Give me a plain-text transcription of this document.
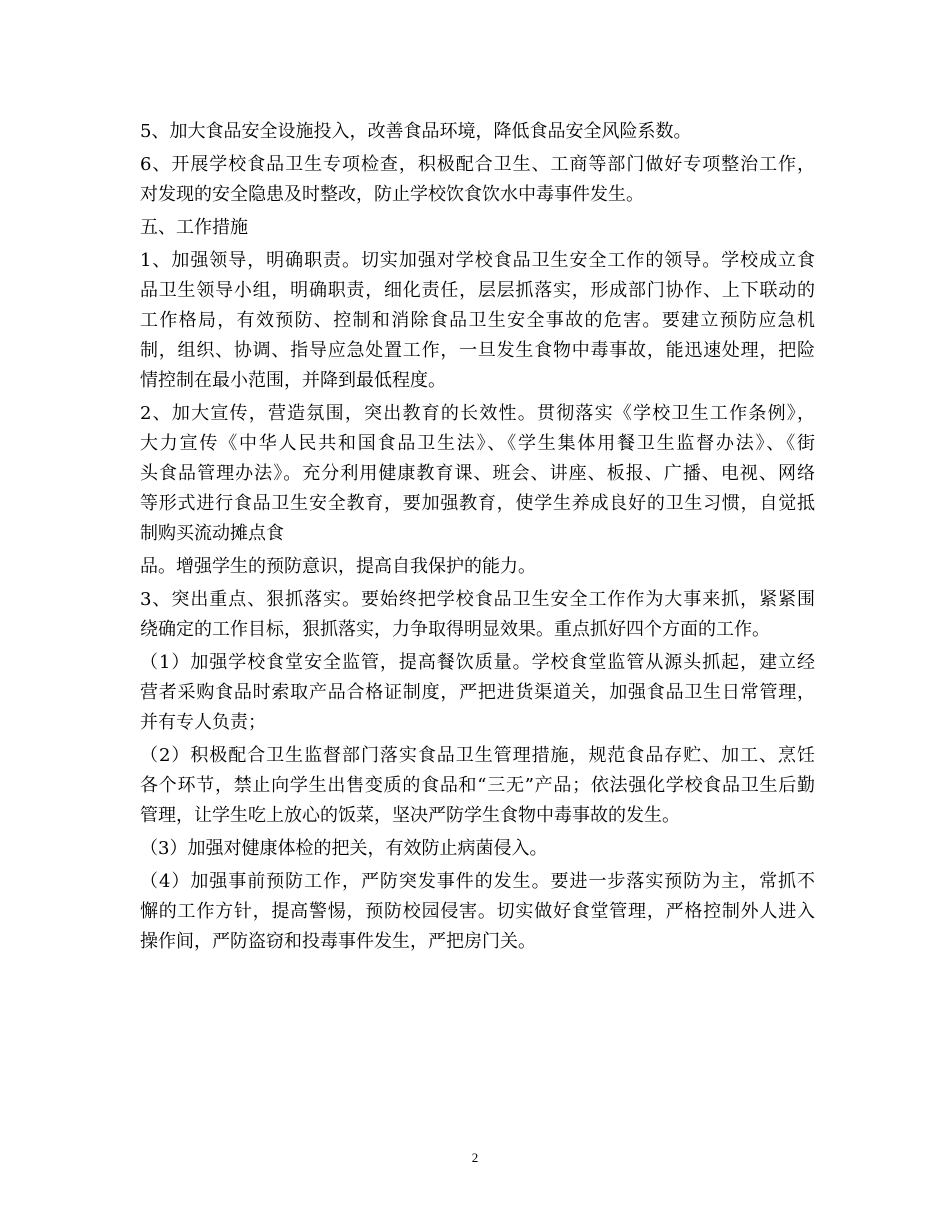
5、加大食品安全设施投入，改善食品环境，降低食品安全风险系数。

6、开展学校食品卫生专项检查，积极配合卫生、工商等部门做好专项整治工作，
对发现的安全隐患及时整改，防止学校饮食饮水中毒事件发生。

五、工作措施

1、加强领导，明确职责。切实加强对学校食品卫生安全工作的领导。学校成立食
品卫生领导小组，明确职责，细化责任，层层抓落实，形成部门协作、上下联动的
工作格局，有效预防、控制和消除食品卫生安全事故的危害。要建立预防应急机
制，组织、协调、指导应急处置工作，一旦发生食物中毒事故，能迅速处理，把险
情控制在最小范围，并降到最低程度。

2、加大宣传，营造氛围，突出教育的长效性。贯彻落实《学校卫生工作条例》，
大力宣传《中华人民共和国食品卫生法》、《学生集体用餐卫生监督办法》、《街
头食品管理办法》。充分利用健康教育课、班会、讲座、板报、广播、电视、网络
等形式进行食品卫生安全教育，要加强教育，使学生养成良好的卫生习惯，自觉抵
制购买流动摊点食

品。增强学生的预防意识，提高自我保护的能力。

3、突出重点、狠抓落实。要始终把学校食品卫生安全工作作为大事来抓，紧紧围
绕确定的工作目标，狠抓落实，力争取得明显效果。重点抓好四个方面的工作。

（1）加强学校食堂安全监管，提高餐饮质量。学校食堂监管从源头抓起，建立经
营者采购食品时索取产品合格证制度，严把进货渠道关，加强食品卫生日常管理，
并有专人负责；

（2）积极配合卫生监督部门落实食品卫生管理措施，规范食品存贮、加工、烹饪
各个环节，禁止向学生出售变质的食品和“三无”产品；依法强化学校食品卫生后勤
管理，让学生吃上放心的饭菜，坚决严防学生食物中毒事故的发生。

（3）加强对健康体检的把关，有效防止病菌侵入。

（4）加强事前预防工作，严防突发事件的发生。要进一步落实预防为主，常抓不
懈的工作方针，提高警惕，预防校园侵害。切实做好食堂管理，严格控制外人进入
操作间，严防盗窃和投毒事件发生，严把房门关。

2
